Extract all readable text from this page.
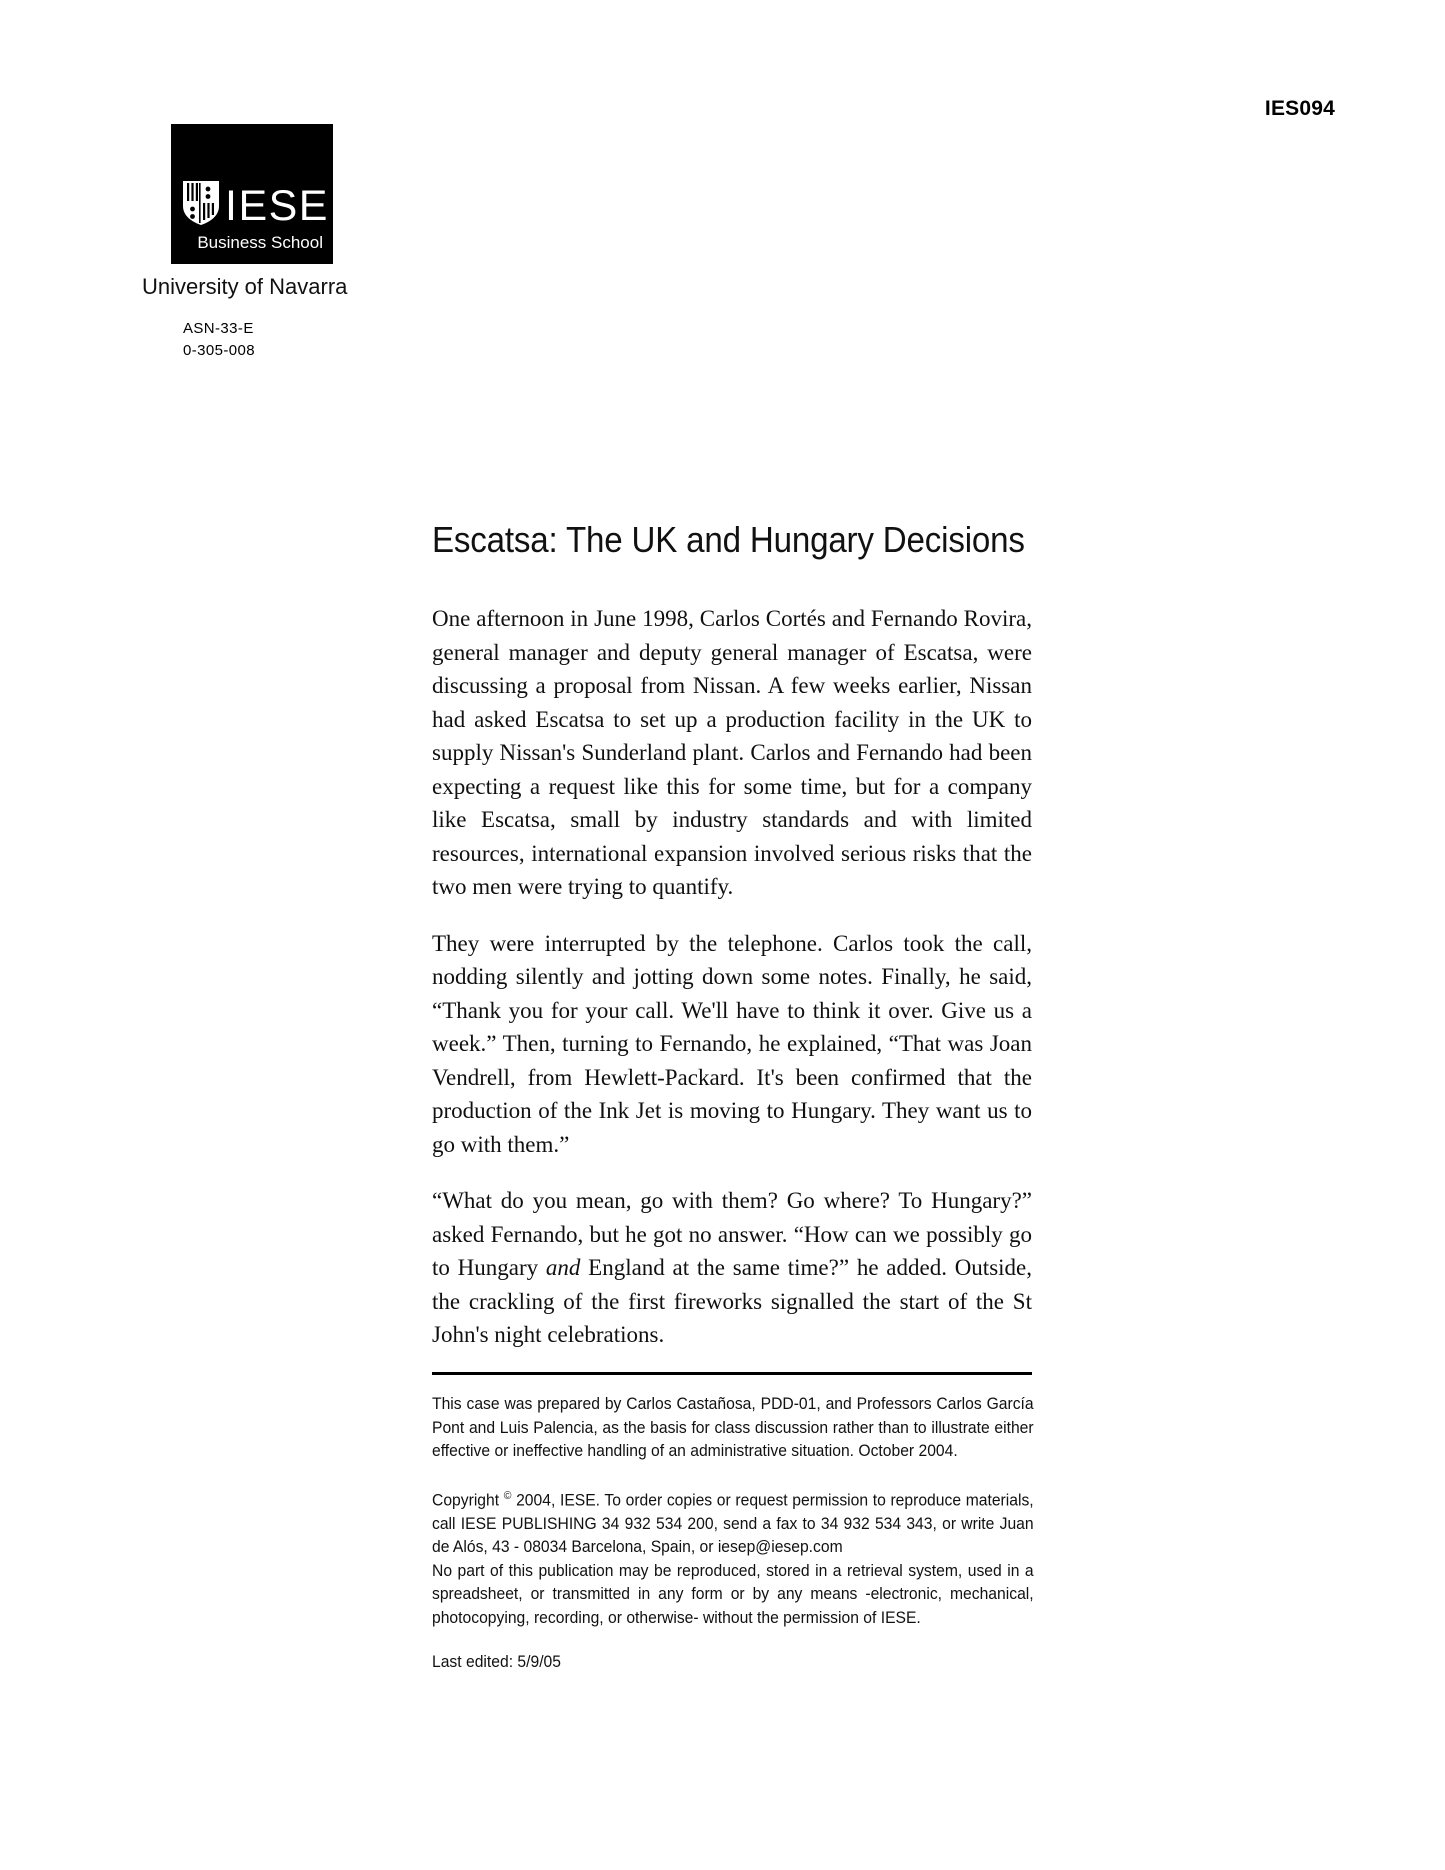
IES094
IESE
Business School
University of Navarra
ASN-33-E
0-305-008
Escatsa: The UK and Hungary Decisions

One afternoon in June 1998, Carlos Cortés and Fernando Rovira, general manager and deputy general manager of Escatsa, were discussing a proposal from Nissan. A few weeks earlier, Nissan had asked Escatsa to set up a production facility in the UK to supply Nissan's Sunderland plant. Carlos and Fernando had been expecting a request like this for some time, but for a company like Escatsa, small by industry standards and with limited resources, international expansion involved serious risks that the two men were trying to quantify.

They were interrupted by the telephone. Carlos took the call, nodding silently and jotting down some notes. Finally, he said, “Thank you for your call. We'll have to think it over. Give us a week.” Then, turning to Fernando, he explained, “That was Joan Vendrell, from Hewlett-Packard. It's been confirmed that the production of the Ink Jet is moving to Hungary. They want us to go with them.”

“What do you mean, go with them? Go where? To Hungary?” asked Fernando, but he got no answer. “How can we possibly go to Hungary and England at the same time?” he added. Outside, the crackling of the first fireworks signalled the start of the St John's night celebrations.

This case was prepared by Carlos Castañosa, PDD-01, and Professors Carlos García Pont and Luis Palencia, as the basis for class discussion rather than to illustrate either effective or ineffective handling of an administrative situation. October 2004.

Copyright © 2004, IESE. To order copies or request permission to reproduce materials, call IESE PUBLISHING 34 932 534 200, send a fax to 34 932 534 343, or write Juan de Alós, 43 - 08034 Barcelona, Spain, or iesep@iesep.com

No part of this publication may be reproduced, stored in a retrieval system, used in a spreadsheet, or transmitted in any form or by any means -electronic, mechanical, photocopying, recording, or otherwise- without the permission of IESE.

Last edited: 5/9/05
